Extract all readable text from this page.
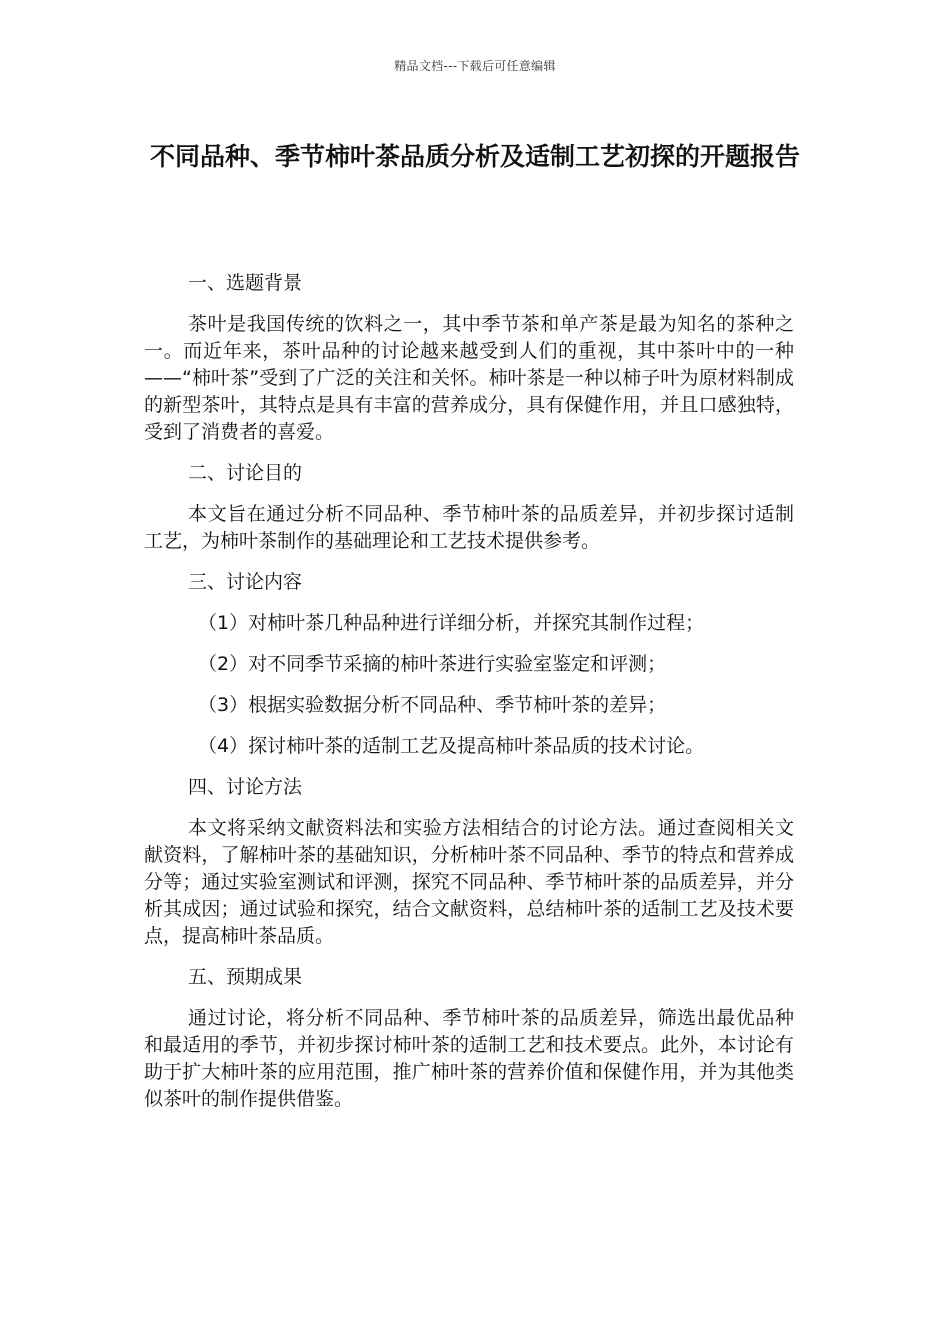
精品文档---下载后可任意编辑
不同品种、季节柿叶茶品质分析及适制工艺初探的开题报告

一、选题背景

茶叶是我国传统的饮料之一，其中季节茶和单产茶是最为知名的茶种之一。而近年来，茶叶品种的讨论越来越受到人们的重视，其中茶叶中的一种——“柿叶茶”受到了广泛的关注和关怀。柿叶茶是一种以柿子叶为原材料制成的新型茶叶，其特点是具有丰富的营养成分，具有保健作用，并且口感独特，受到了消费者的喜爱。

二、讨论目的

本文旨在通过分析不同品种、季节柿叶茶的品质差异，并初步探讨适制工艺，为柿叶茶制作的基础理论和工艺技术提供参考。

三、讨论内容

（1）对柿叶茶几种品种进行详细分析，并探究其制作过程；

（2）对不同季节采摘的柿叶茶进行实验室鉴定和评测；

（3）根据实验数据分析不同品种、季节柿叶茶的差异；

（4）探讨柿叶茶的适制工艺及提高柿叶茶品质的技术讨论。

四、讨论方法

本文将采纳文献资料法和实验方法相结合的讨论方法。通过查阅相关文献资料，了解柿叶茶的基础知识，分析柿叶茶不同品种、季节的特点和营养成分等；通过实验室测试和评测，探究不同品种、季节柿叶茶的品质差异，并分析其成因；通过试验和探究，结合文献资料，总结柿叶茶的适制工艺及技术要点，提高柿叶茶品质。

五、预期成果

通过讨论，将分析不同品种、季节柿叶茶的品质差异，筛选出最优品种和最适用的季节，并初步探讨柿叶茶的适制工艺和技术要点。此外，本讨论有助于扩大柿叶茶的应用范围，推广柿叶茶的营养价值和保健作用，并为其他类似茶叶的制作提供借鉴。
